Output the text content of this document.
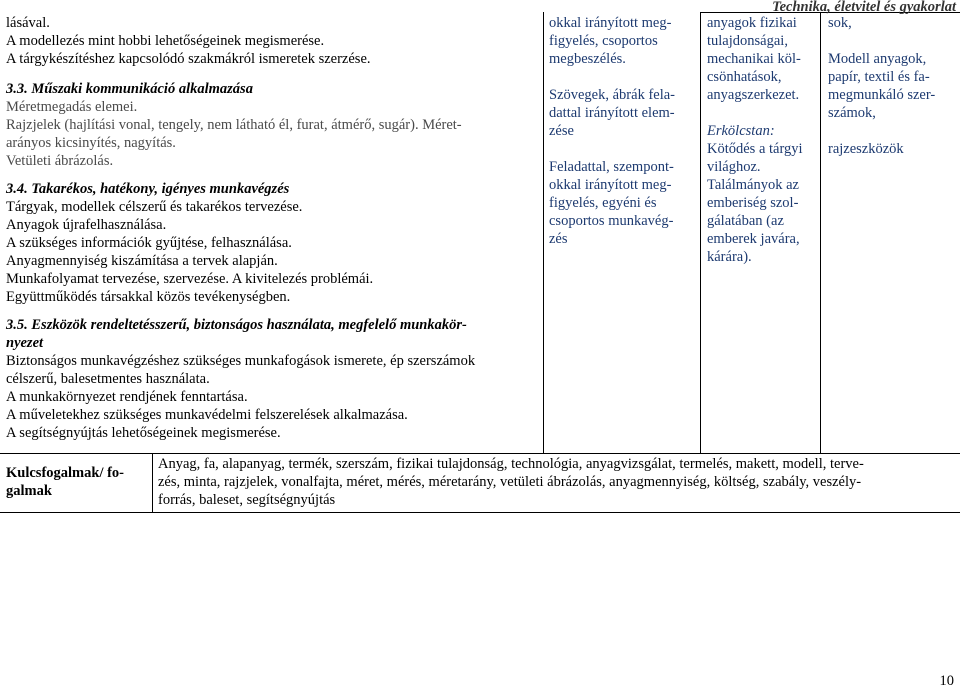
Technika, életvitel és gyakorlat
lásával.
A modellezés mint hobbi lehetőségeinek megismerése.
A tárgykészítéshez kapcsolódó szakmákról ismeretek szerzése.
3.3. Műszaki kommunikáció alkalmazása
Méretmegadás elemei.
Rajzjelek (hajlítási vonal, tengely, nem látható él, furat, átmérő, sugár). Méret-
arányos kicsinyítés, nagyítás.
Vetületi ábrázolás.
3.4. Takarékos, hatékony, igényes munkavégzés
Tárgyak, modellek célszerű és takarékos tervezése.
Anyagok újrafelhasználása.
A szükséges információk gyűjtése, felhasználása.
Anyagmennyiség kiszámítása a tervek alapján.
Munkafolyamat tervezése, szervezése. A kivitelezés problémái.
Együttműködés társakkal közös tevékenységben.
3.5. Eszközök rendeltetésszerű, biztonságos használata, megfelelő munkakör-
nyezet
Biztonságos munkavégzéshez szükséges munkafogások ismerete, ép szerszámok
célszerű, balesetmentes használata.
A munkakörnyezet rendjének fenntartása.
A műveletekhez szükséges munkavédelmi felszerelések alkalmazása.
A segítségnyújtás lehetőségeinek megismerése.
okkal irányított meg-
figyelés, csoportos
megbeszélés.
Szövegek, ábrák fela-
dattal irányított elem-
zése
Feladattal, szempont-
okkal irányított meg-
figyelés, egyéni és
csoportos munkavég-
zés
anyagok fizikai
tulajdonságai,
mechanikai köl-
csönhatások,
anyagszerkezet.
Erkölcstan:
Kötődés a tárgyi
világhoz.
Találmányok az
emberiség szol-
gálatában (az
emberek javára,
kárára).
sok,
Modell anyagok,
papír, textil és fa-
megmunkáló szer-
számok,
rajzeszközök
Kulcsfogalmak/ fo-
galmak
Anyag, fa, alapanyag, termék, szerszám, fizikai tulajdonság, technológia, anyagvizsgálat, termelés, makett, modell, terve-
zés, minta, rajzjelek, vonalfajta, méret, mérés, méretarány, vetületi ábrázolás, anyagmennyiség, költség, szabály, veszély-
forrás, baleset, segítségnyújtás
10
